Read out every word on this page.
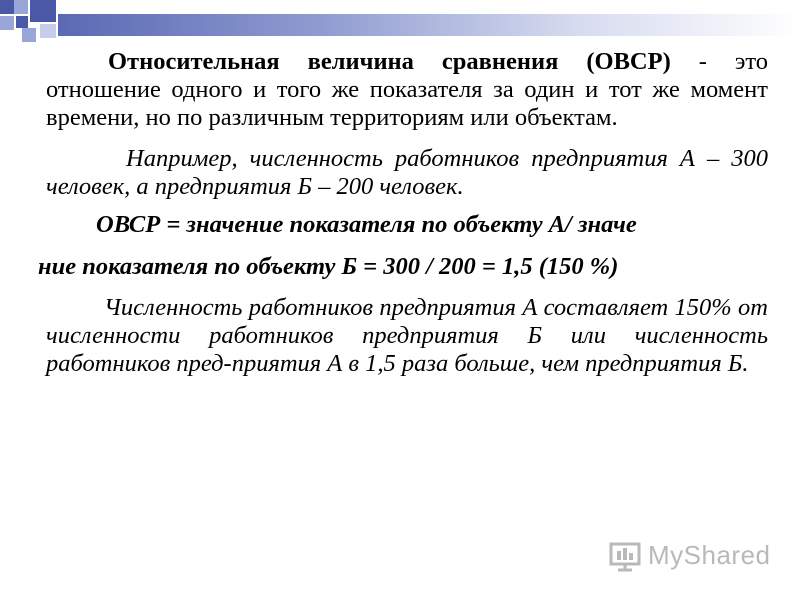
Относительная величина сравнения (ОВСР) - это отношение одного и того же показателя за один и тот же момент времени, но по различным территориям или объектам.

Например, численность работников предприятия А – 300 человек, а предприятия Б – 200 человек.

ОВСР = значение показателя по объекту А/ значе

ние показателя по объекту Б = 300 / 200 = 1,5 (150 %)

Численность работников предприятия А составляет 150% от численности работников предприятия Б или численность работников пред-приятия А в 1,5 раза больше, чем предприятия Б.

MyShared
